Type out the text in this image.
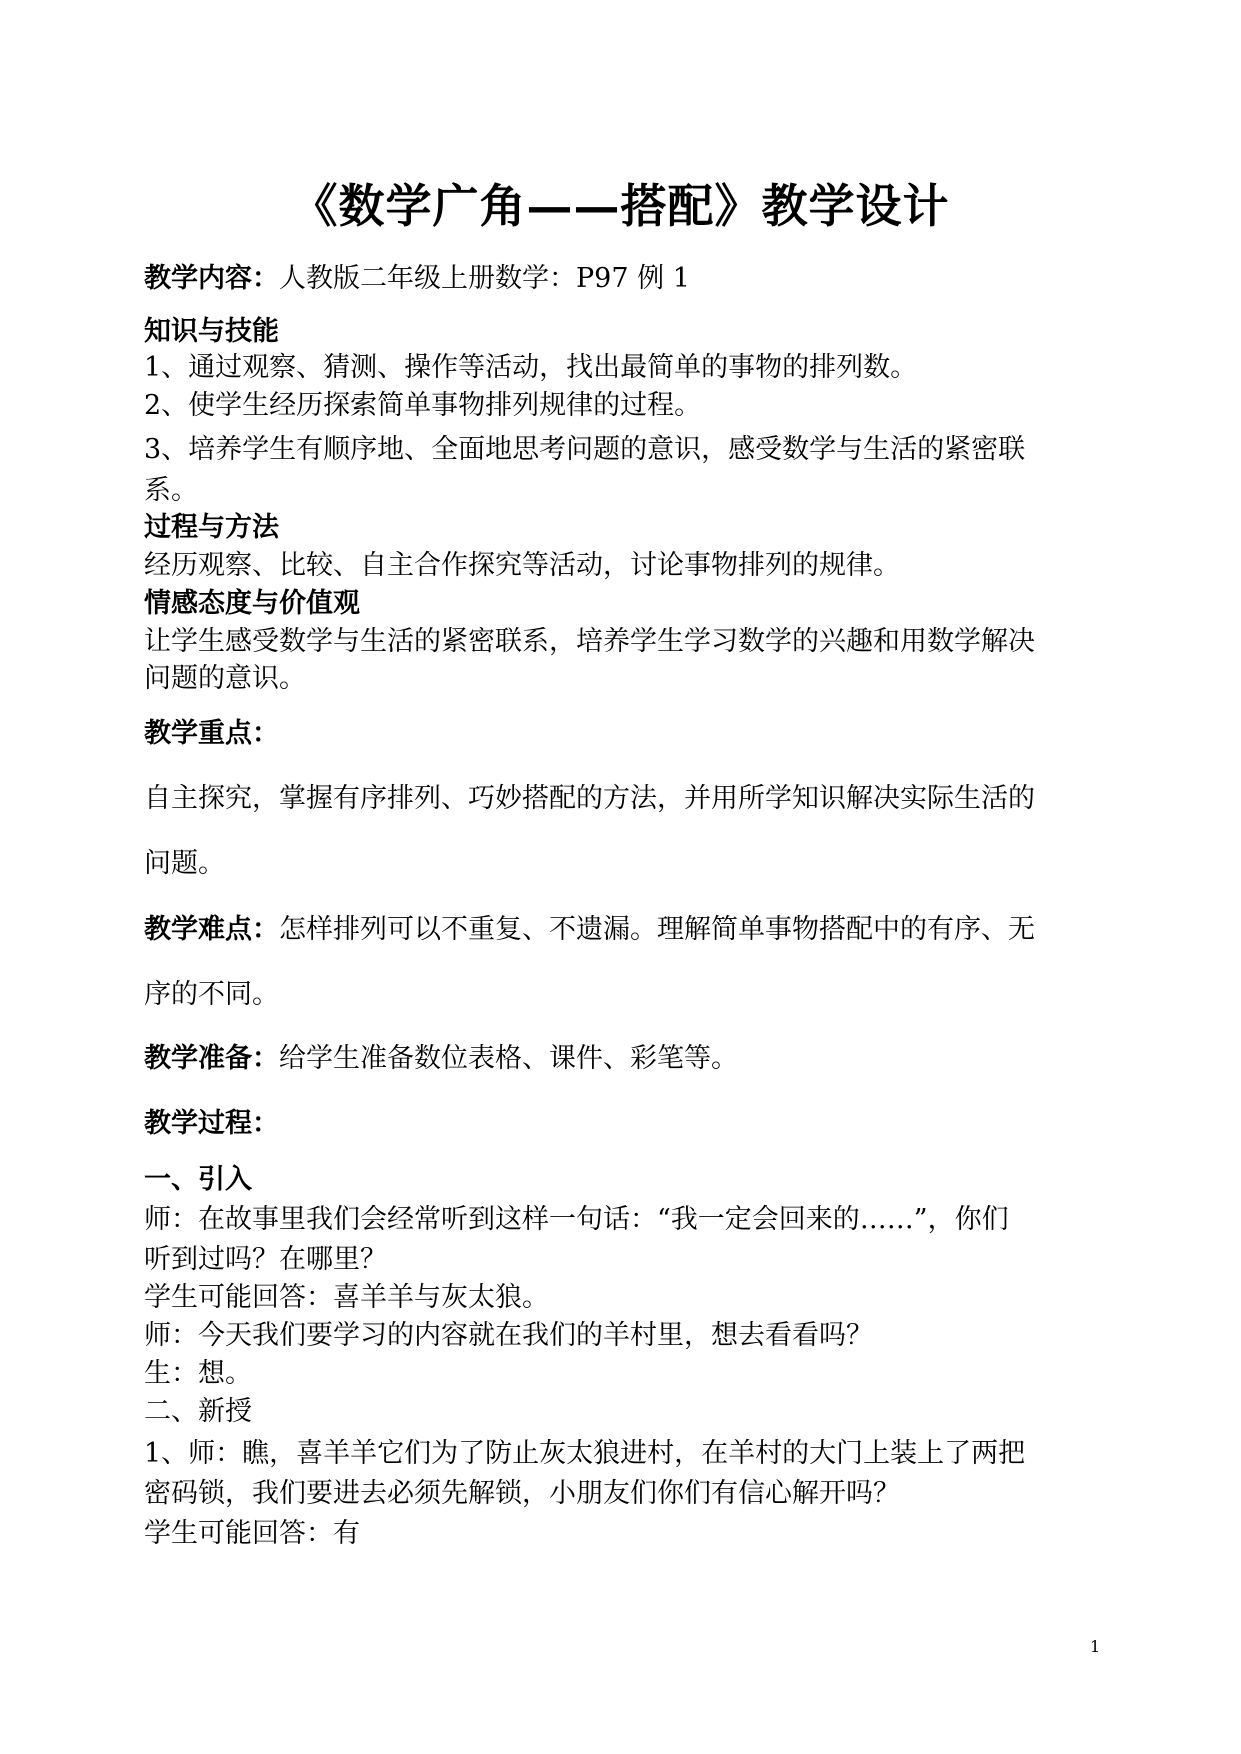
《数学广角——搭配》教学设计
教学内容：人教版二年级上册数学：P97 例 1
知识与技能
1、通过观察、猜测、操作等活动，找出最简单的事物的排列数。
2、使学生经历探索简单事物排列规律的过程。
3、培养学生有顺序地、全面地思考问题的意识，感受数学与生活的紧密联
系。
过程与方法
经历观察、比较、自主合作探究等活动，讨论事物排列的规律。
情感态度与价值观
让学生感受数学与生活的紧密联系，培养学生学习数学的兴趣和用数学解决
问题的意识。
教学重点：
自主探究，掌握有序排列、巧妙搭配的方法，并用所学知识解决实际生活的
问题。
教学难点：怎样排列可以不重复、不遗漏。理解简单事物搭配中的有序、无
序的不同。
教学准备：给学生准备数位表格、课件、彩笔等。
教学过程：
一、引入
师：在故事里我们会经常听到这样一句话：“我一定会回来的……”，你们
听到过吗？在哪里？
学生可能回答：喜羊羊与灰太狼。
师：今天我们要学习的内容就在我们的羊村里，想去看看吗？
生：想。
二、新授
1、师：瞧，喜羊羊它们为了防止灰太狼进村，在羊村的大门上装上了两把
密码锁，我们要进去必须先解锁，小朋友们你们有信心解开吗？
学生可能回答：有
1
